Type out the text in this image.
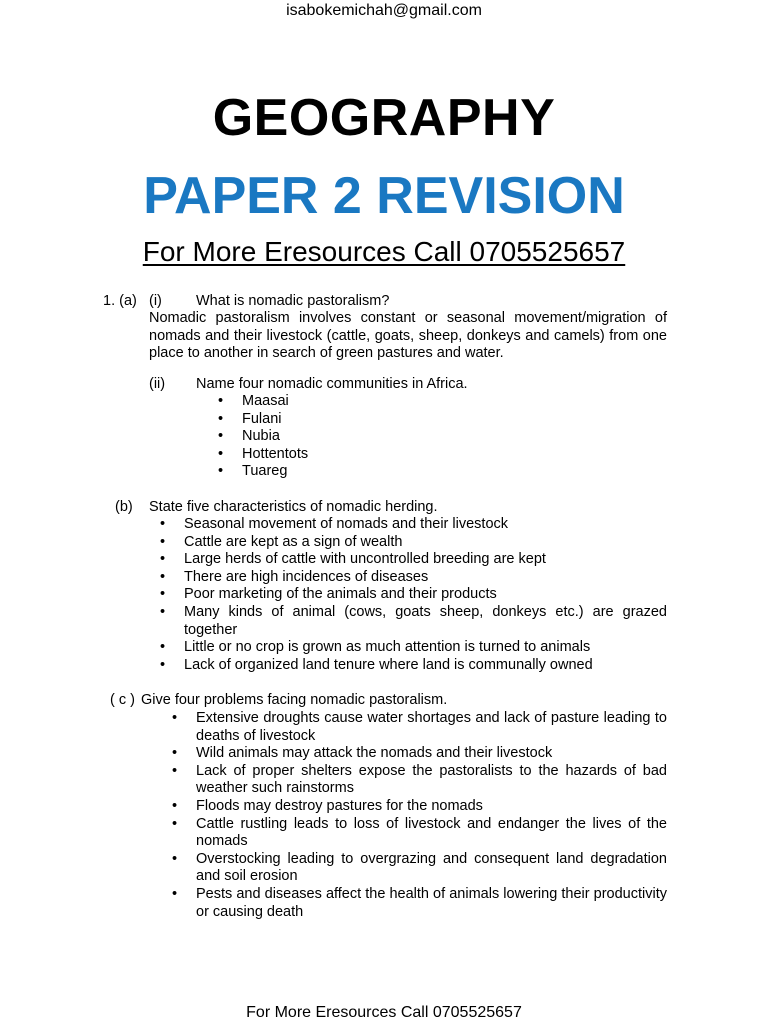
isabokemichah@gmail.com
GEOGRAPHY
PAPER 2 REVISION
For More Eresources Call 0705525657
1. (a) (i) What is nomadic pastoralism?
Nomadic pastoralism involves constant or seasonal movement/migration of nomads and their livestock (cattle, goats, sheep, donkeys and camels) from one place to another in search of green pastures and water.
(ii) Name four nomadic communities in Africa.
• Maasai
• Fulani
• Nubia
• Hottentots
• Tuareg
(b) State five characteristics of nomadic herding.
• Seasonal movement of nomads and their livestock
• Cattle are kept as a sign of wealth
• Large herds of cattle with uncontrolled breeding are kept
• There are high incidences of diseases
• Poor marketing of the animals and their products
• Many kinds of animal (cows, goats sheep, donkeys etc.) are grazed together
• Little or no crop is grown as much attention is turned to animals
• Lack of organized land tenure where land is communally owned
( c ) Give four problems facing nomadic pastoralism.
• Extensive droughts cause water shortages and lack of pasture leading to deaths of livestock
• Wild animals may attack the nomads and their livestock
• Lack of proper shelters expose the pastoralists to the hazards of bad weather such rainstorms
• Floods may destroy pastures for the nomads
• Cattle rustling leads to loss of livestock and endanger the lives of the nomads
• Overstocking leading to overgrazing and consequent land degradation and soil erosion
• Pests and diseases affect the health of animals lowering their productivity or causing death
For More Eresources Call 0705525657
